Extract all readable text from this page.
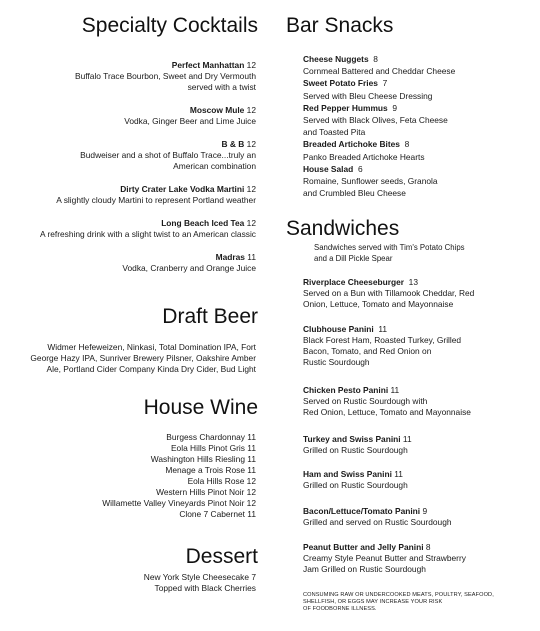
Specialty Cocktails
Perfect Manhattan 12
Buffalo Trace Bourbon, Sweet and Dry Vermouth
served with a twist
Moscow Mule 12
Vodka, Ginger Beer and Lime Juice
B & B 12
Budweiser and a shot of Buffalo Trace...truly an
American combination
Dirty Crater Lake Vodka Martini 12
A slightly cloudy Martini to represent Portland weather
Long Beach Iced Tea 12
A refreshing drink with a slight twist to an American classic
Madras 11
Vodka, Cranberry and Orange Juice
Draft Beer
Widmer Hefeweizen, Ninkasi, Total Domination IPA, Fort
George Hazy IPA, Sunriver Brewery Pilsner, Oakshire Amber
Ale, Portland Cider Company Kinda Dry Cider, Bud Light
House Wine
Burgess Chardonnay 11
Eola Hills Pinot Gris 11
Washington Hills Riesling 11
Menage a Trois Rose 11
Eola Hills Rose 12
Western Hills Pinot Noir 12
Willamette Valley Vineyards Pinot Noir 12
Clone 7 Cabernet 11
Dessert
New York Style Cheesecake 7
Topped with Black Cherries
Bar Snacks
Cheese Nuggets 8
Cornmeal Battered and Cheddar Cheese
Sweet Potato Fries 7
Served with Bleu Cheese Dressing
Red Pepper Hummus 9
Served with Black Olives, Feta Cheese
and Toasted Pita
Breaded Artichoke Bites 8
Panko Breaded Artichoke Hearts
House Salad 6
Romaine, Sunflower seeds, Granola
and Crumbled Bleu Cheese
Sandwiches
Sandwiches served with Tim's Potato Chips
and a Dill Pickle Spear
Riverplace Cheeseburger 13
Served on a Bun with Tillamook Cheddar, Red
Onion, Lettuce, Tomato and Mayonnaise
Clubhouse Panini 11
Black Forest Ham, Roasted Turkey, Grilled
Bacon, Tomato, and Red Onion on
Rustic Sourdough
Chicken Pesto Panini 11
Served on Rustic Sourdough with
Red Onion, Lettuce, Tomato and Mayonnaise
Turkey and Swiss Panini 11
Grilled on Rustic Sourdough
Ham and Swiss Panini 11
Grilled on Rustic Sourdough
Bacon/Lettuce/Tomato Panini 9
Grilled and served on Rustic Sourdough
Peanut Butter and Jelly Panini 8
Creamy Style Peanut Butter and Strawberry
Jam Grilled on Rustic Sourdough
CONSUMING RAW OR UNDERCOOKED MEATS, POULTRY, SEAFOOD,
SHELLFISH, OR EGGS MAY INCREASE YOUR RISK
OF FOODBORNE ILLNESS.
